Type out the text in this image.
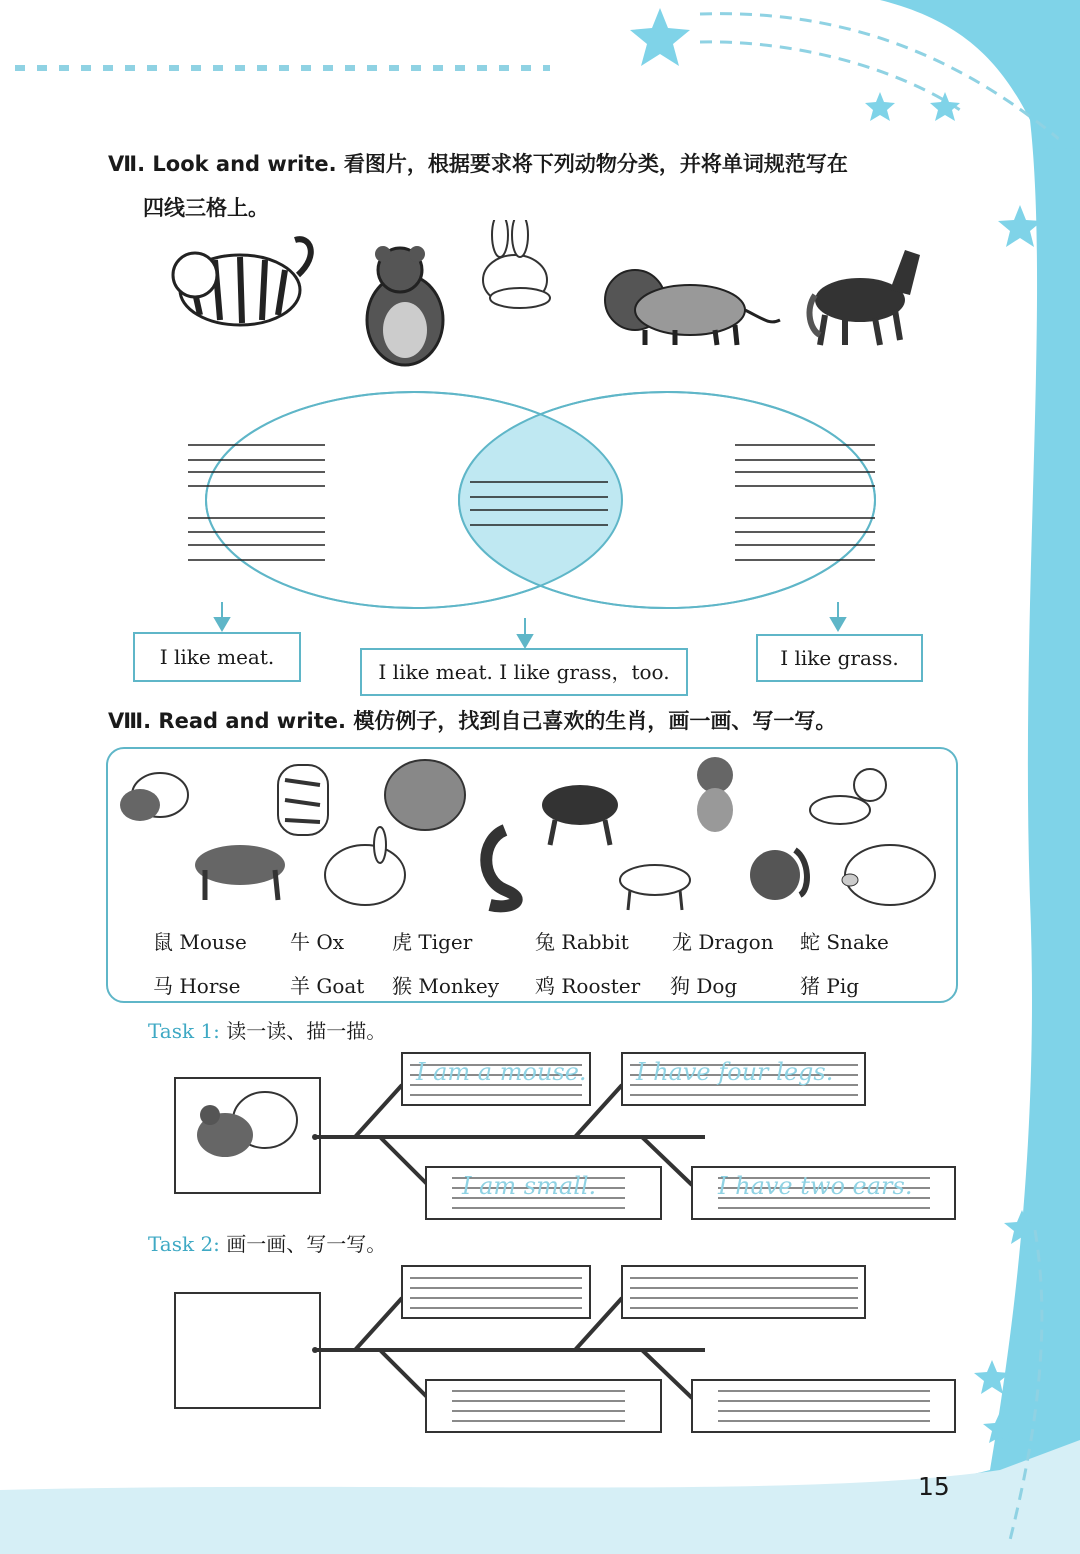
Ⅶ. Look and write. 看图片，根据要求将下列动物分类，并将单词规范写在
四线三格上。
I like meat.
I like meat. I like grass，too.
I like grass.
Ⅷ. Read and write. 模仿例子，找到自己喜欢的生肖，画一画、写一写。
鼠 Mouse 牛 Ox 虎 Tiger	兔 Rabbit 龙 Dragon 蛇 Snake
马 Horse 羊 Goat 猴 Monkey 鸡 Rooster 狗 Dog	猪 Pig
Task 1: 读一读、描一描。
I am a mouse. I have four legs.
I am small.	I have two ears.
Task 2: 画一画、写一写。
15
